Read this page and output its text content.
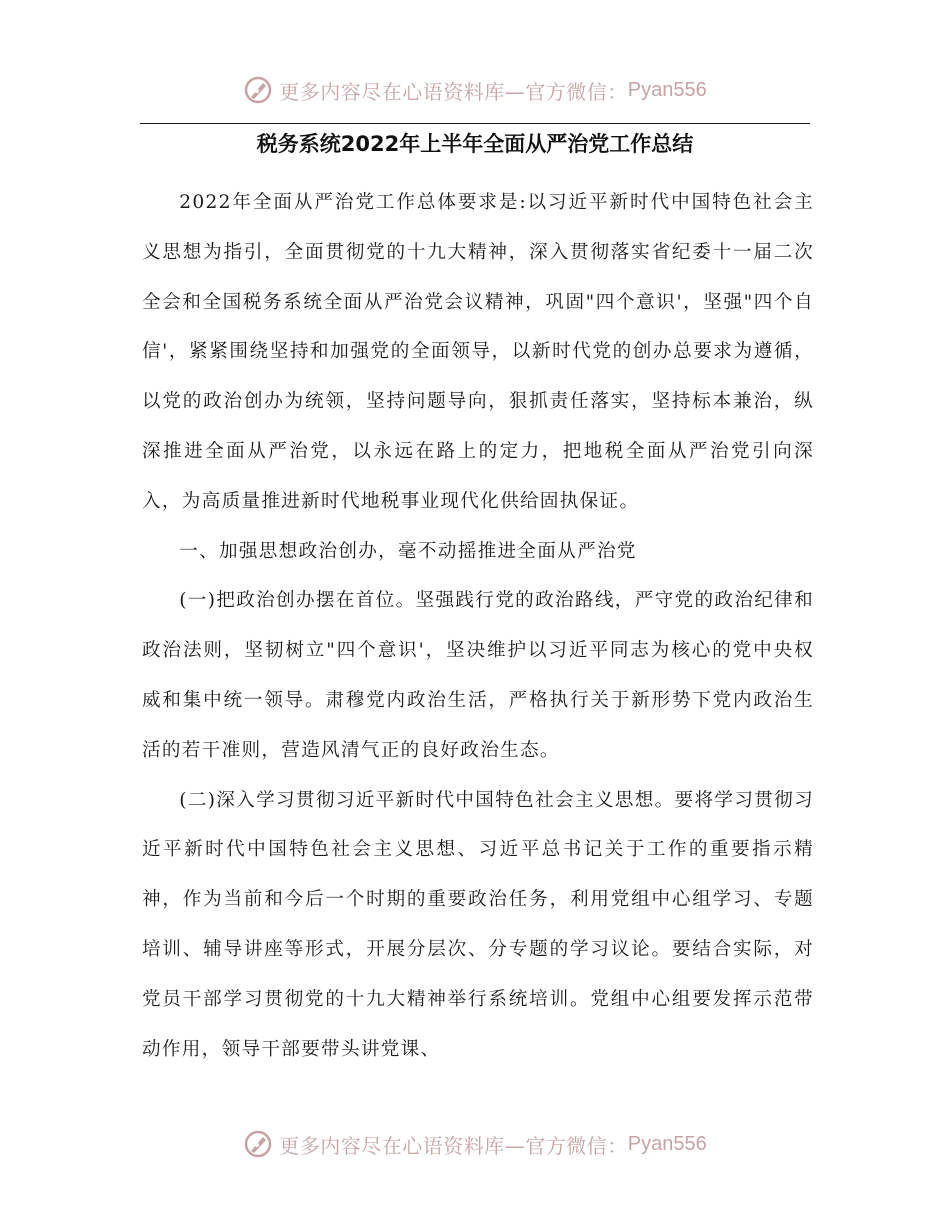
更多内容尽在心语资料库—官方微信： Pyan556
税务系统2022年上半年全面从严治党工作总结

2022年全面从严治党工作总体要求是:以习近平新时代中国特色社会主义思想为指引，全面贯彻党的十九大精神，深入贯彻落实省纪委十一届二次全会和全国税务系统全面从严治党会议精神，巩固"四个意识'，坚强"四个自信'，紧紧围绕坚持和加强党的全面领导，以新时代党的创办总要求为遵循，以党的政治创办为统领，坚持问题导向，狠抓责任落实，坚持标本兼治，纵深推进全面从严治党，以永远在路上的定力，把地税全面从严治党引向深入，为高质量推进新时代地税事业现代化供给固执保证。

一、加强思想政治创办，毫不动摇推进全面从严治党

(一)把政治创办摆在首位。坚强践行党的政治路线，严守党的政治纪律和政治法则，坚韧树立"四个意识'，坚决维护以习近平同志为核心的党中央权威和集中统一领导。肃穆党内政治生活，严格执行关于新形势下党内政治生活的若干准则，营造风清气正的良好政治生态。

(二)深入学习贯彻习近平新时代中国特色社会主义思想。要将学习贯彻习近平新时代中国特色社会主义思想、习近平总书记关于工作的重要指示精神，作为当前和今后一个时期的重要政治任务，利用党组中心组学习、专题培训、辅导讲座等形式，开展分层次、分专题的学习议论。要结合实际，对党员干部学习贯彻党的十九大精神举行系统培训。党组中心组要发挥示范带动作用，领导干部要带头讲党课、

更多内容尽在心语资料库—官方微信： Pyan556
